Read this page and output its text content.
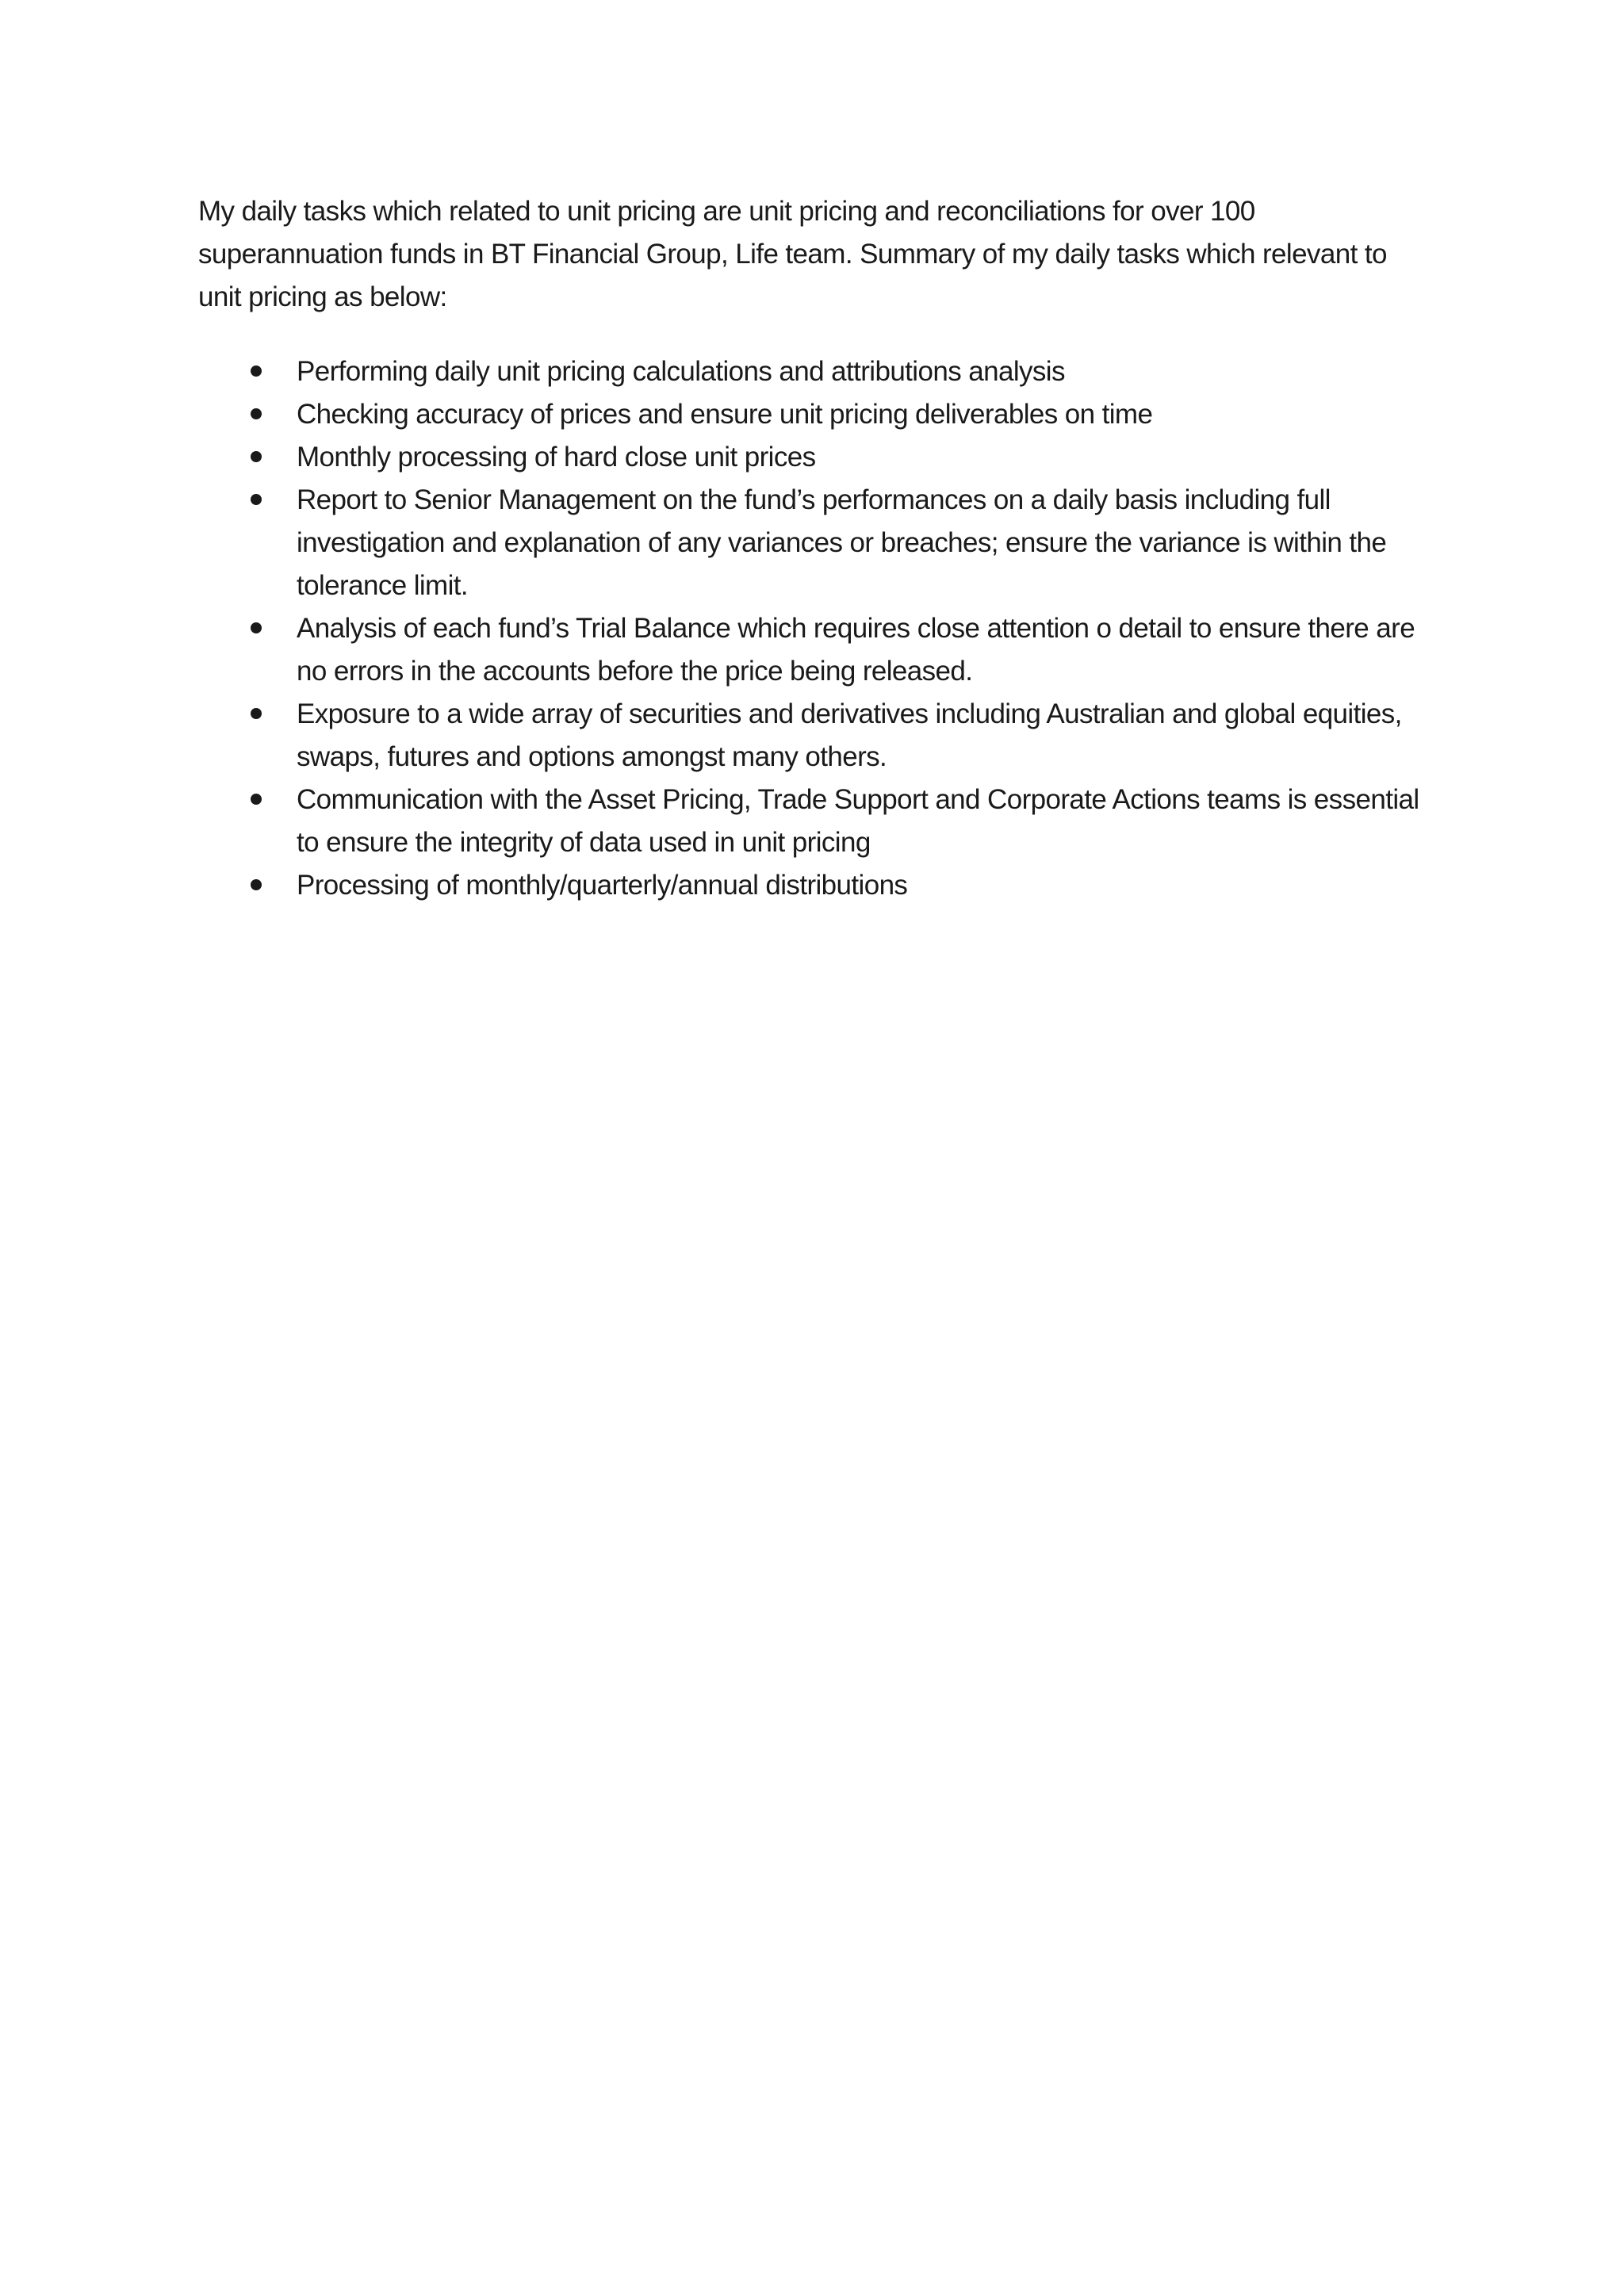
My daily tasks which related to unit pricing are unit pricing and reconciliations for over 100 superannuation funds in BT Financial Group, Life team. Summary of my daily tasks which relevant to unit pricing as below:

Performing daily unit pricing calculations and attributions analysis
Checking accuracy of prices and ensure unit pricing deliverables on time
Monthly processing of hard close unit prices
Report to Senior Management on the fund’s performances on a daily basis including full investigation and explanation of any variances or breaches; ensure the variance is within the tolerance limit.
Analysis of each fund’s Trial Balance which requires close attention o detail to ensure there are no errors in the accounts before the price being released.
Exposure to a wide array of securities and derivatives including Australian and global equities, swaps, futures and options amongst many others.
Communication with the Asset Pricing, Trade Support and Corporate Actions teams is essential to ensure the integrity of data used in unit pricing
Processing of monthly/quarterly/annual distributions
